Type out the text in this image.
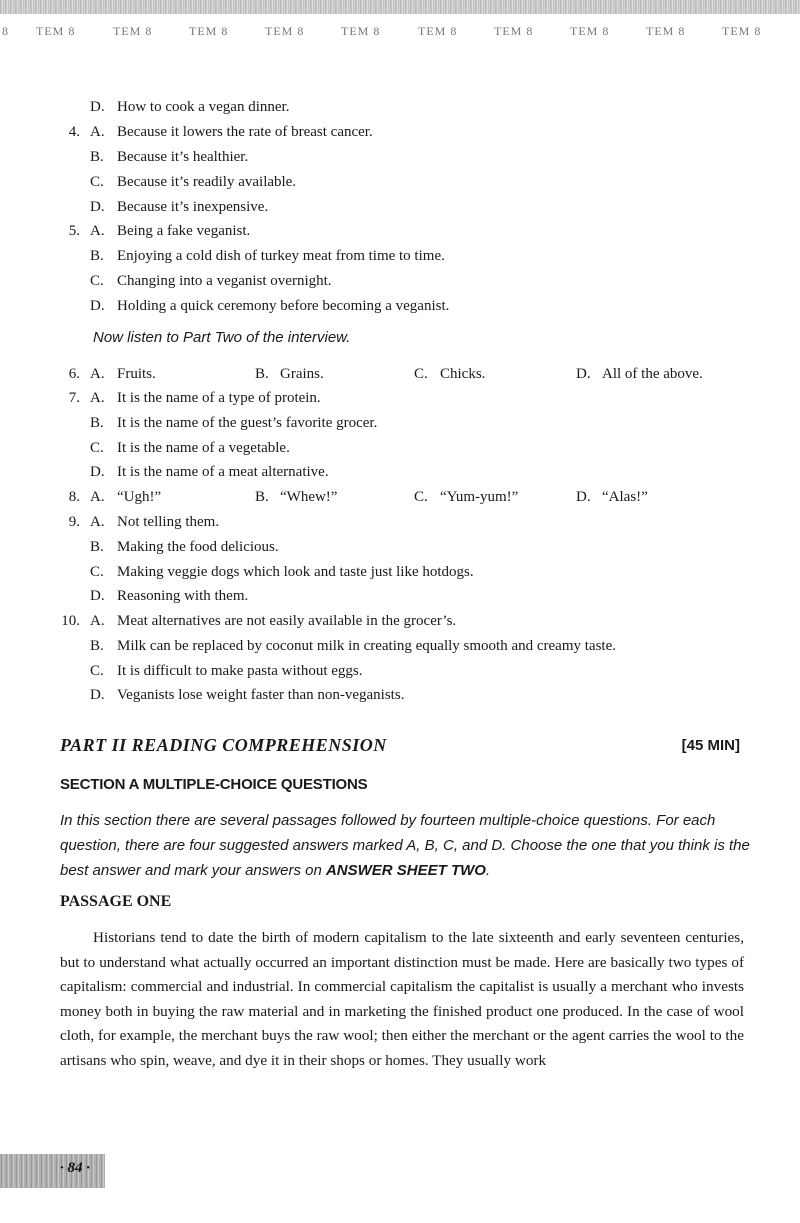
8 TEM 8	TEM 8	TEM 8	TEM 8	TEM 8	TEM 8	TEM 8	TEM 8	TEM 8	TEM 8
D. How to cook a vegan dinner.
4. A. Because it lowers the rate of breast cancer.
B. Because it’s healthier.
C. Because it’s readily available.
D. Because it’s inexpensive.
5. A. Being a fake veganist.
B. Enjoying a cold dish of turkey meat from time to time.
C. Changing into a veganist overnight.
D. Holding a quick ceremony before becoming a veganist.
Now listen to Part Two of the interview.
6. A. Fruits.	B. Grains.	C. Chicks.	D. All of the above.
7. A. It is the name of a type of protein.
B. It is the name of the guest’s favorite grocer.
C. It is the name of a vegetable.
D. It is the name of a meat alternative.
8. A. “Ugh!”	B. “Whew!”	C. “Yum-yum!”	D. “Alas!”
9. A. Not telling them.
B. Making the food delicious.
C. Making veggie dogs which look and taste just like hotdogs.
D. Reasoning with them.
10. A. Meat alternatives are not easily available in the grocer’s.
B. Milk can be replaced by coconut milk in creating equally smooth and creamy taste.
C. It is difficult to make pasta without eggs.
D. Veganists lose weight faster than non-veganists.
PART II READING COMPREHENSION	[45 MIN]
SECTION A MULTIPLE-CHOICE QUESTIONS
In this section there are several passages followed by fourteen multiple-choice questions. For each question, there are four suggested answers marked A, B, C, and D. Choose the one that you think is the best answer and mark your answers on ANSWER SHEET TWO.
PASSAGE ONE
Historians tend to date the birth of modern capitalism to the late sixteenth and early seventeen centuries, but to understand what actually occurred an important distinction must be made. Here are basically two types of capitalism: commercial and industrial. In commercial capitalism the capitalist is usually a merchant who invests money both in buying the raw material and in marketing the finished product one produced. In the case of wool cloth, for example, the merchant buys the raw wool; then either the merchant or the agent carries the wool to the artisans who spin, weave, and dye it in their shops or homes. They usually work
· 84 ·
